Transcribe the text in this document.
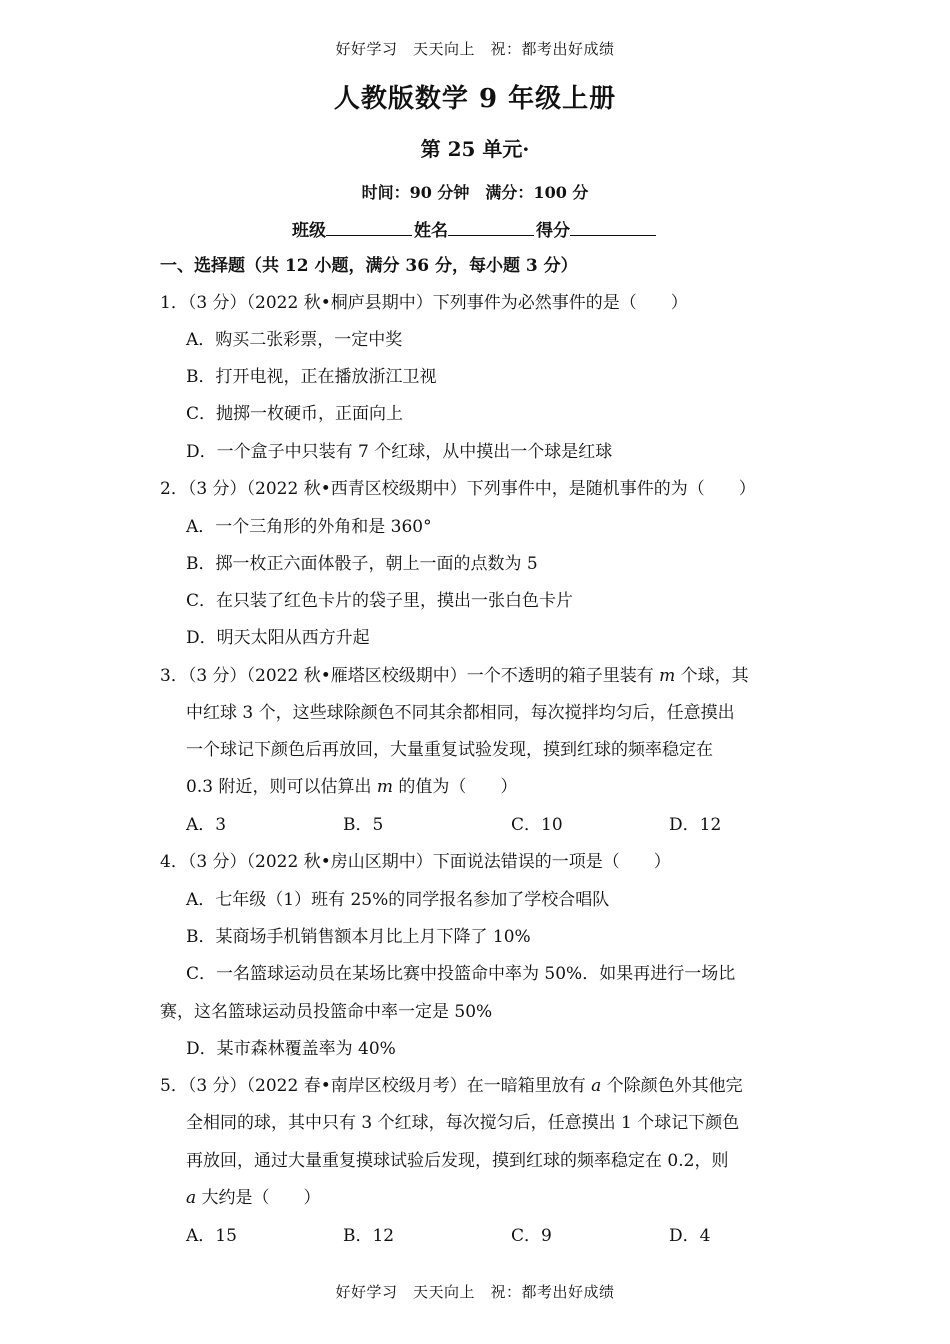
好好学习　天天向上　祝：都考出好成绩
人教版数学 9 年级上册
第 25 单元·
时间：90 分钟　满分：100 分
班级	姓名	得分
一、选择题（共 12 小题，满分 36 分，每小题 3 分）
1．（3 分）（2022 秋•桐庐县期中）下列事件为必然事件的是（　　）
A．购买二张彩票，一定中奖
B．打开电视，正在播放浙江卫视
C．抛掷一枚硬币，正面向上
D．一个盒子中只装有 7 个红球，从中摸出一个球是红球
2．（3 分）（2022 秋•西青区校级期中）下列事件中，是随机事件的为（　　）
A．一个三角形的外角和是 360°
B．掷一枚正六面体骰子，朝上一面的点数为 5
C．在只装了红色卡片的袋子里，摸出一张白色卡片
D．明天太阳从西方升起
3．（3 分）（2022 秋•雁塔区校级期中）一个不透明的箱子里装有 m 个球，其
中红球 3 个，这些球除颜色不同其余都相同，每次搅拌均匀后，任意摸出
一个球记下颜色后再放回，大量重复试验发现，摸到红球的频率稳定在
0.3 附近，则可以估算出 m 的值为（　　）
A．3	B．5	C．10	D．12
4．（3 分）（2022 秋•房山区期中）下面说法错误的一项是（　　）
A．七年级（1）班有 25%的同学报名参加了学校合唱队
B．某商场手机销售额本月比上月下降了 10%
C．一名篮球运动员在某场比赛中投篮命中率为 50%．如果再进行一场比
赛，这名篮球运动员投篮命中率一定是 50%
D．某市森林覆盖率为 40%
5．（3 分）（2022 春•南岸区校级月考）在一暗箱里放有 a 个除颜色外其他完
全相同的球，其中只有 3 个红球，每次搅匀后，任意摸出 1 个球记下颜色
再放回，通过大量重复摸球试验后发现，摸到红球的频率稳定在 0.2，则
a 大约是（　　）
A．15	B．12	C．9	D．4
好好学习　天天向上　祝：都考出好成绩
